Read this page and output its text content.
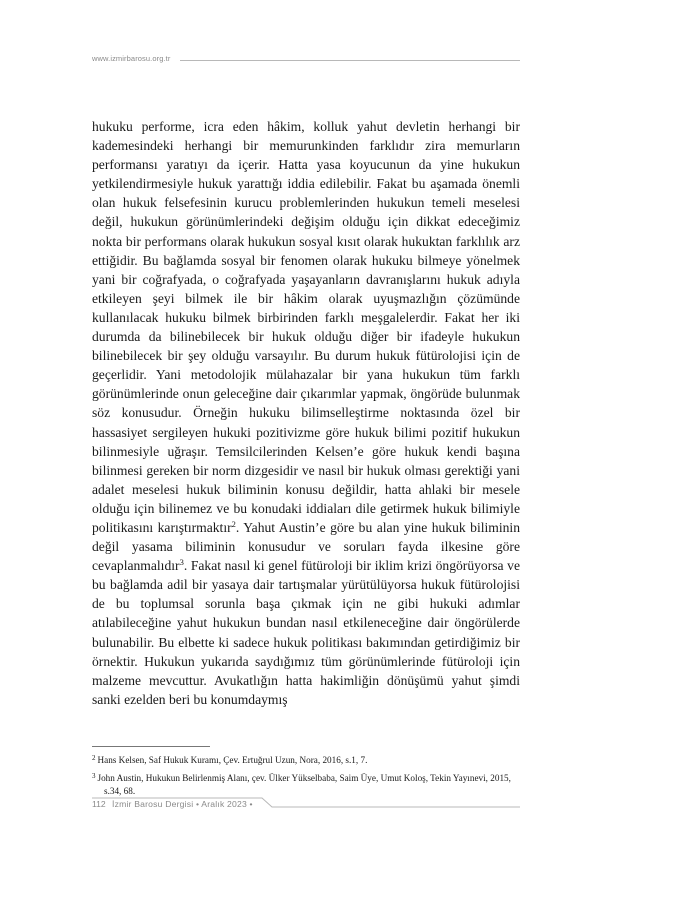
www.izmirbarosu.org.tr

hukuku performe, icra eden hâkim, kolluk yahut devletin herhangi bir kademesindeki herhangi bir memurunkinden farklıdır zira memurların performansı yaratıyı da içerir. Hatta yasa koyucunun da yine hukukun yetkilendirmesiyle hukuk yarattığı iddia edilebilir. Fakat bu aşamada önemli olan hukuk felsefesinin kurucu problemlerinden hukukun temeli meselesi değil, hukukun görünümlerindeki değişim olduğu için dikkat edeceğimiz nokta bir performans olarak hukukun sosyal kısıt olarak hukuktan farklılık arz ettiğidir. Bu bağlamda sosyal bir fenomen olarak hukuku bilmeye yönelmek yani bir coğrafyada, o coğrafyada yaşayanların davranışlarını hukuk adıyla etkileyen şeyi bilmek ile bir hâkim olarak uyuşmazlığın çözümünde kullanılacak hukuku bilmek birbirinden farklı meşgalelerdir. Fakat her iki durumda da bilinebilecek bir hukuk olduğu diğer bir ifadeyle hukukun bilinebilecek bir şey olduğu varsayılır. Bu durum hukuk fütürolojisi için de geçerlidir. Yani metodolojik mülahazalar bir yana hukukun tüm farklı görünümlerinde onun geleceğine dair çıkarımlar yapmak, öngörüde bulunmak söz konusudur. Örneğin hukuku bilimselleştirme noktasında özel bir hassasiyet sergileyen hukuki pozitivizme göre hukuk bilimi pozitif hukukun bilinmesiyle uğraşır. Temsilcilerinden Kelsen’e göre hukuk kendi başına bilinmesi gereken bir norm dizgesidir ve nasıl bir hukuk olması gerektiği yani adalet meselesi hukuk biliminin konusu değildir, hatta ahlaki bir mesele olduğu için bilinemez ve bu konudaki iddiaları dile getirmek hukuk bilimiyle politikasını karıştırmaktır$^2$. Yahut Austin’e göre bu alan yine hukuk biliminin değil yasama biliminin konusudur ve soruları fayda ilkesine göre cevaplanmalıdır$^3$. Fakat nasıl ki genel fütüroloji bir iklim krizi öngörüyorsa ve bu bağlamda adil bir yasaya dair tartışmalar yürütülüyorsa hukuk fütürolojisi de bu toplumsal sorunla başa çıkmak için ne gibi hukuki adımlar atılabileceğine yahut hukukun bundan nasıl etkileneceğine dair öngörülerde bulunabilir. Bu elbette ki sadece hukuk politikası bakımından getirdiğimiz bir örnektir. Hukukun yukarıda saydığımız tüm görünümlerinde fütüroloji için malzeme mevcuttur. Avukatlığın hatta hakimliğin dönüşümü yahut şimdi sanki ezelden beri bu konumdaymış

$^2$ Hans Kelsen, Saf Hukuk Kuramı, Çev. Ertuğrul Uzun, Nora, 2016, s.1, 7.

$^3$ John Austin, Hukukun Belirlenmiş Alanı, çev. Ülker Yükselbaba, Saim Üye, Umut Koloş, Tekin Yayınevi, 2015, s.34, 68.

112 İzmir Barosu Dergisi • Aralık 2023 •
